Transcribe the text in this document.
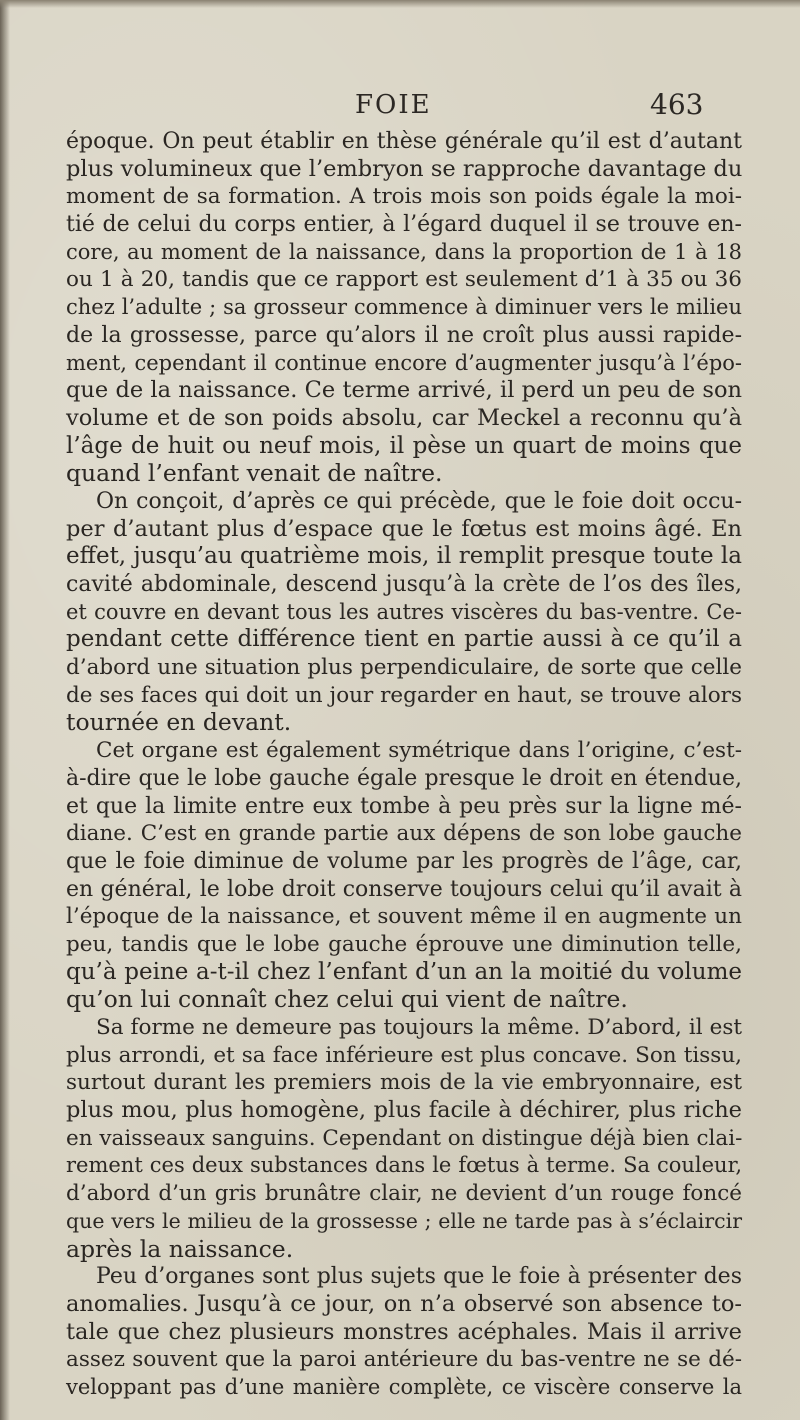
FOIE	463
époque. On peut établir en thèse générale qu’il est d’autant
plus volumineux que l’embryon se rapproche davantage du
moment de sa formation. A trois mois son poids égale la moi-
tié de celui du corps entier, à l’égard duquel il se trouve en-
core, au moment de la naissance, dans la proportion de 1 à 18
ou 1 à 20, tandis que ce rapport est seulement d’1 à 35 ou 36
chez l’adulte ; sa grosseur commence à diminuer vers le milieu
de la grossesse, parce qu’alors il ne croît plus aussi rapide-
ment, cependant il continue encore d’augmenter jusqu’à l’épo-
que de la naissance. Ce terme arrivé, il perd un peu de son
volume et de son poids absolu, car Meckel a reconnu qu’à
l’âge de huit ou neuf mois, il pèse un quart de moins que
quand l’enfant venait de naître.
On conçoit, d’après ce qui précède, que le foie doit occu-
per d’autant plus d’espace que le fœtus est moins âgé. En
effet, jusqu’au quatrième mois, il remplit presque toute la
cavité abdominale, descend jusqu’à la crète de l’os des îles,
et couvre en devant tous les autres viscères du bas-ventre. Ce-
pendant cette différence tient en partie aussi à ce qu’il a
d’abord une situation plus perpendiculaire, de sorte que celle
de ses faces qui doit un jour regarder en haut, se trouve alors
tournée en devant.
Cet organe est également symétrique dans l’origine, c’est-
à-dire que le lobe gauche égale presque le droit en étendue,
et que la limite entre eux tombe à peu près sur la ligne mé-
diane. C’est en grande partie aux dépens de son lobe gauche
que le foie diminue de volume par les progrès de l’âge, car,
en général, le lobe droit conserve toujours celui qu’il avait à
l’époque de la naissance, et souvent même il en augmente un
peu, tandis que le lobe gauche éprouve une diminution telle,
qu’à peine a-t-il chez l’enfant d’un an la moitié du volume
qu’on lui connaît chez celui qui vient de naître.
Sa forme ne demeure pas toujours la même. D’abord, il est
plus arrondi, et sa face inférieure est plus concave. Son tissu,
surtout durant les premiers mois de la vie embryonnaire, est
plus mou, plus homogène, plus facile à déchirer, plus riche
en vaisseaux sanguins. Cependant on distingue déjà bien clai-
rement ces deux substances dans le fœtus à terme. Sa couleur,
d’abord d’un gris brunâtre clair, ne devient d’un rouge foncé
que vers le milieu de la grossesse ; elle ne tarde pas à s’éclaircir
après la naissance.
Peu d’organes sont plus sujets que le foie à présenter des
anomalies. Jusqu’à ce jour, on n’a observé son absence to-
tale que chez plusieurs monstres acéphales. Mais il arrive
assez souvent que la paroi antérieure du bas-ventre ne se dé-
veloppant pas d’une manière complète, ce viscère conserve la
